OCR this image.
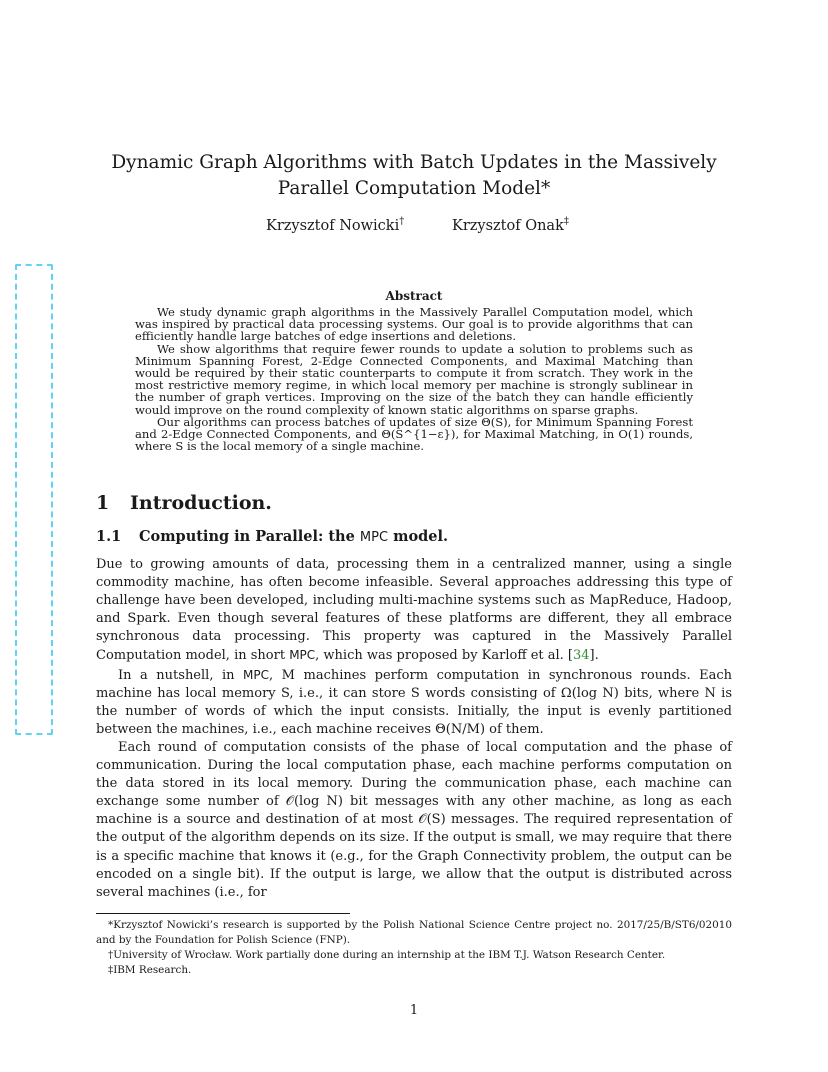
Dynamic Graph Algorithms with Batch Updates in the Massively Parallel Computation Model*
Krzysztof Nowicki†	Krzysztof Onak‡
Abstract

We study dynamic graph algorithms in the Massively Parallel Computation model, which was inspired by practical data processing systems. Our goal is to provide algorithms that can efficiently handle large batches of edge insertions and deletions.

We show algorithms that require fewer rounds to update a solution to problems such as Minimum Spanning Forest, 2-Edge Connected Components, and Maximal Matching than would be required by their static counterparts to compute it from scratch. They work in the most restrictive memory regime, in which local memory per machine is strongly sublinear in the number of graph vertices. Improving on the size of the batch they can handle efficiently would improve on the round complexity of known static algorithms on sparse graphs.

Our algorithms can process batches of updates of size Θ(S), for Minimum Spanning Forest and 2-Edge Connected Components, and Θ(S^{1−ε}), for Maximal Matching, in O(1) rounds, where S is the local memory of a single machine.

1 Introduction.
1.1 Computing in Parallel: the MPC model.

Due to growing amounts of data, processing them in a centralized manner, using a single commodity machine, has often become infeasible. Several approaches addressing this type of challenge have been developed, including multi-machine systems such as MapReduce, Hadoop, and Spark. Even though several features of these platforms are different, they all embrace synchronous data processing. This property was captured in the Massively Parallel Computation model, in short MPC, which was proposed by Karloff et al. [34].

In a nutshell, in MPC, M machines perform computation in synchronous rounds. Each machine has local memory S, i.e., it can store S words consisting of Ω(log N) bits, where N is the number of words of which the input consists. Initially, the input is evenly partitioned between the machines, i.e., each machine receives Θ(N/M) of them.

Each round of computation consists of the phase of local computation and the phase of communication. During the local computation phase, each machine performs computation on the data stored in its local memory. During the communication phase, each machine can exchange some number of 𝒪(log N) bit messages with any other machine, as long as each machine is a source and destination of at most 𝒪(S) messages. The required representation of the output of the algorithm depends on its size. If the output is small, we may require that there is a specific machine that knows it (e.g., for the Graph Connectivity problem, the output can be encoded on a single bit). If the output is large, we allow that the output is distributed across several machines (i.e., for

*Krzysztof Nowicki’s research is supported by the Polish National Science Centre project no. 2017/25/B/ST6/02010 and by the Foundation for Polish Science (FNP).

†University of Wrocław. Work partially done during an internship at the IBM T.J. Watson Research Center.

‡IBM Research.

1
